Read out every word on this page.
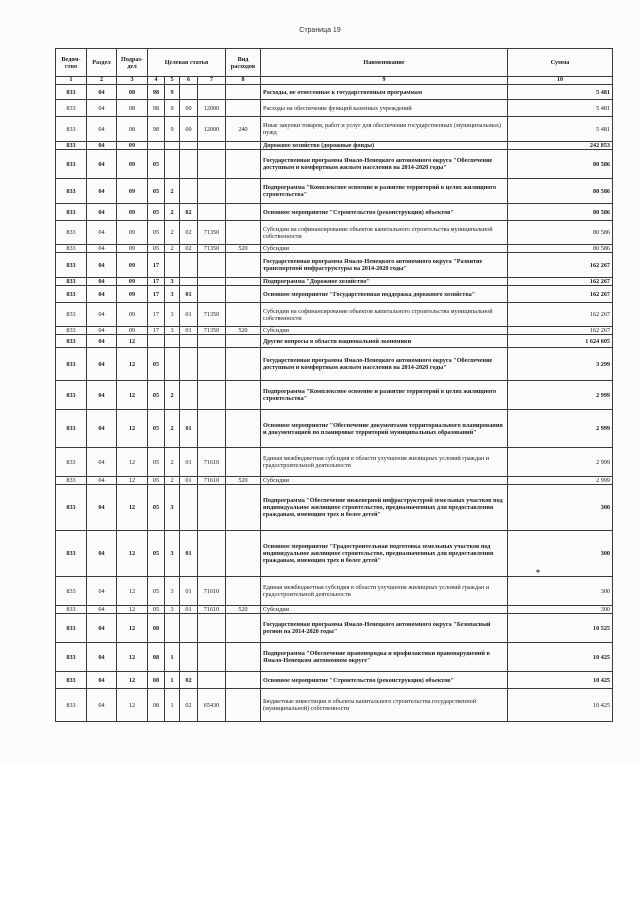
Страница 19
Ведом-ство	Раздел	Подраз-дел	Целевая статья				Вид расходов	Наименование	Сумма
1	2	3	4	5	6	7	8	9	10
833	04	08	98	9				Расходы, не отнесенные к государственным программам	5 481
833	04	08	98	9	00	12000		Расходы на обеспечение функций казенных учреждений	5 481
833	04	08	98	9	00	12000	240	Иные закупки товаров, работ и услуг для обеспечения государственных (муниципальных) нужд	5 481
833	04	09						Дорожное хозяйство (дорожные фонды)	242 853
833	04	09	05					Государственная программа Ямало-Ненецкого автономного округа "Обеспечение доступным и комфортным жильем населения на 2014-2020 годы"	80 586
833	04	09	05	2				Подпрограмма "Комплексное освоение и развитие территорий в целях жилищного строительства"	80 586
833	04	09	05	2	02			Основное мероприятие "Строительство (реконструкция) объектов"	80 586
833	04	09	05	2	02	71350		Субсидии на софинансирование объектов капитального строительства муниципальной собственности	80 586
833	04	09	05	2	02	71350	520	Субсидии	80 586
833	04	09	17					Государственная программа Ямало-Ненецкого автономного округа "Развитие транспортной инфраструктуры на 2014-2020 годы"	162 267
833	04	09	17	3				Подпрограмма "Дорожное хозяйство"	162 267
833	04	09	17	3	01			Основное мероприятие "Государственная поддержка дорожного хозяйства"	162 267
833	04	09	17	3	01	71350		Субсидии на софинансирование объектов капитального строительства муниципальной собственности	162 267
833	04	09	17	3	01	71350	520	Субсидии	162 267
833	04	12						Другие вопросы в области национальной экономики	1 624 605
833	04	12	05					Государственная программа Ямало-Ненецкого автономного округа "Обеспечение доступным и комфортным жильем населения на 2014-2020 годы"	3 299
833	04	12	05	2				Подпрограмма "Комплексное освоение и развитие территорий в целях жилищного строительства"	2 999
833	04	12	05	2	01			Основное мероприятие "Обеспечение документами территориального планирования и документацией по планировке территорий муниципальных образований"	2 999
833	04	12	05	2	01	71610		Единая межбюджетная субсидия в области улучшения жилищных условий граждан и градостроительной деятельности	2 999
833	04	12	05	2	01	71610	520	Субсидии	2 999
833	04	12	05	3				Подпрограмма "Обеспечение инженерной инфраструктурой земельных участков под индивидуальное жилищное строительство, предназначенных для предоставления гражданам, имеющим трех и более детей"	300
833	04	12	05	3	01			Основное мероприятие "Градостроительная подготовка земельных участков под индивидуальное жилищное строительство, предназначенных для предоставления гражданам, имеющим трех и более детей"	300
833	04	12	05	3	01	71610		Единая межбюджетная субсидия в области улучшения жилищных условий граждан и градостроительной деятельности	300
833	04	12	05	3	01	71610	520	Субсидии	300
833	04	12	08					Государственная программа Ямало-Ненецкого автономного округа "Безопасный регион на 2014-2020 годы"	10 525
833	04	12	08	1				Подпрограмма "Обеспечение правопорядка и профилактики правонарушений в Ямало-Ненецком автономном округе"	10 425
833	04	12	08	1	02			Основное мероприятие "Строительство (реконструкция) объектов"	10 425
833	04	12	08	1	02	65430		Бюджетные инвестиции в объекты капитального строительства государственной (муниципальной) собственности	10 425
*
